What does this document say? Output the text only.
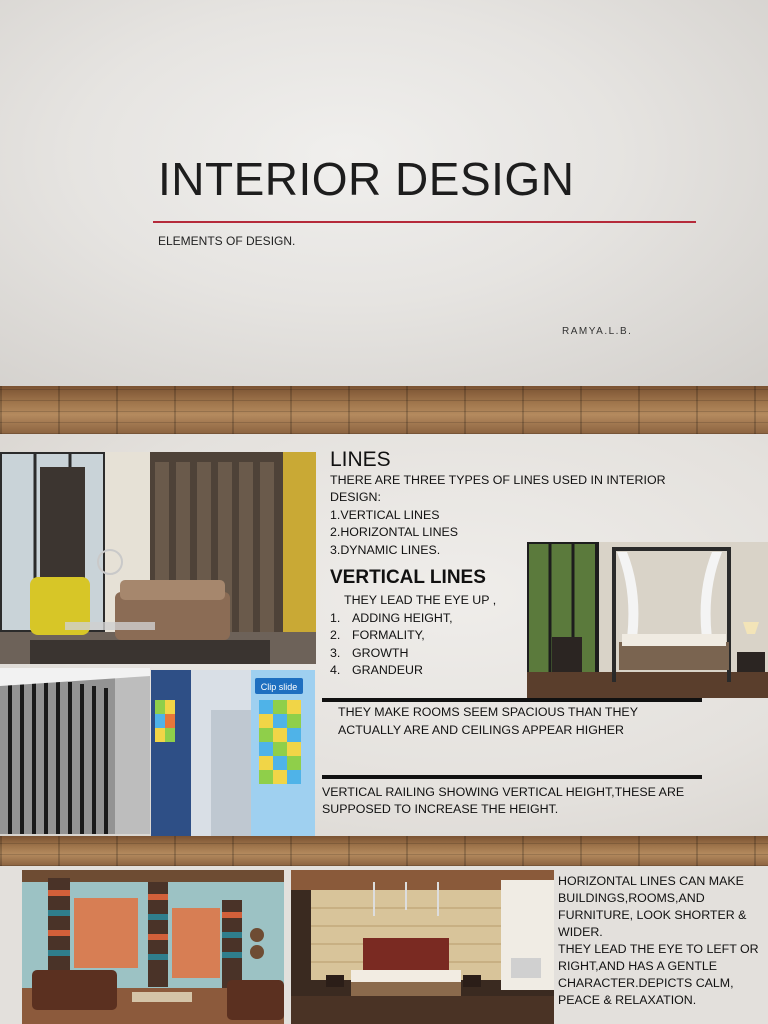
INTERIOR DESIGN
ELEMENTS OF DESIGN.
RAMYA.L.B.
Clip slide
LINES
THERE ARE THREE TYPES OF LINES USED IN INTERIOR DESIGN:
1.VERTICAL LINES
2.HORIZONTAL LINES
3.DYNAMIC LINES.
VERTICAL LINES
THEY LEAD THE EYE UP ,
1. ADDING HEIGHT,
2. FORMALITY,
3. GROWTH
4. GRANDEUR
THEY MAKE ROOMS SEEM SPACIOUS THAN THEY ACTUALLY ARE AND CEILINGS APPEAR HIGHER
VERTICAL RAILING SHOWING VERTICAL HEIGHT,THESE ARE SUPPOSED TO INCREASE THE HEIGHT.
HORIZONTAL LINES CAN MAKE BUILDINGS,ROOMS,AND FURNITURE, LOOK SHORTER & WIDER.
THEY LEAD THE EYE TO LEFT OR RIGHT,AND HAS A GENTLE CHARACTER.DEPICTS CALM, PEACE & RELAXATION.
